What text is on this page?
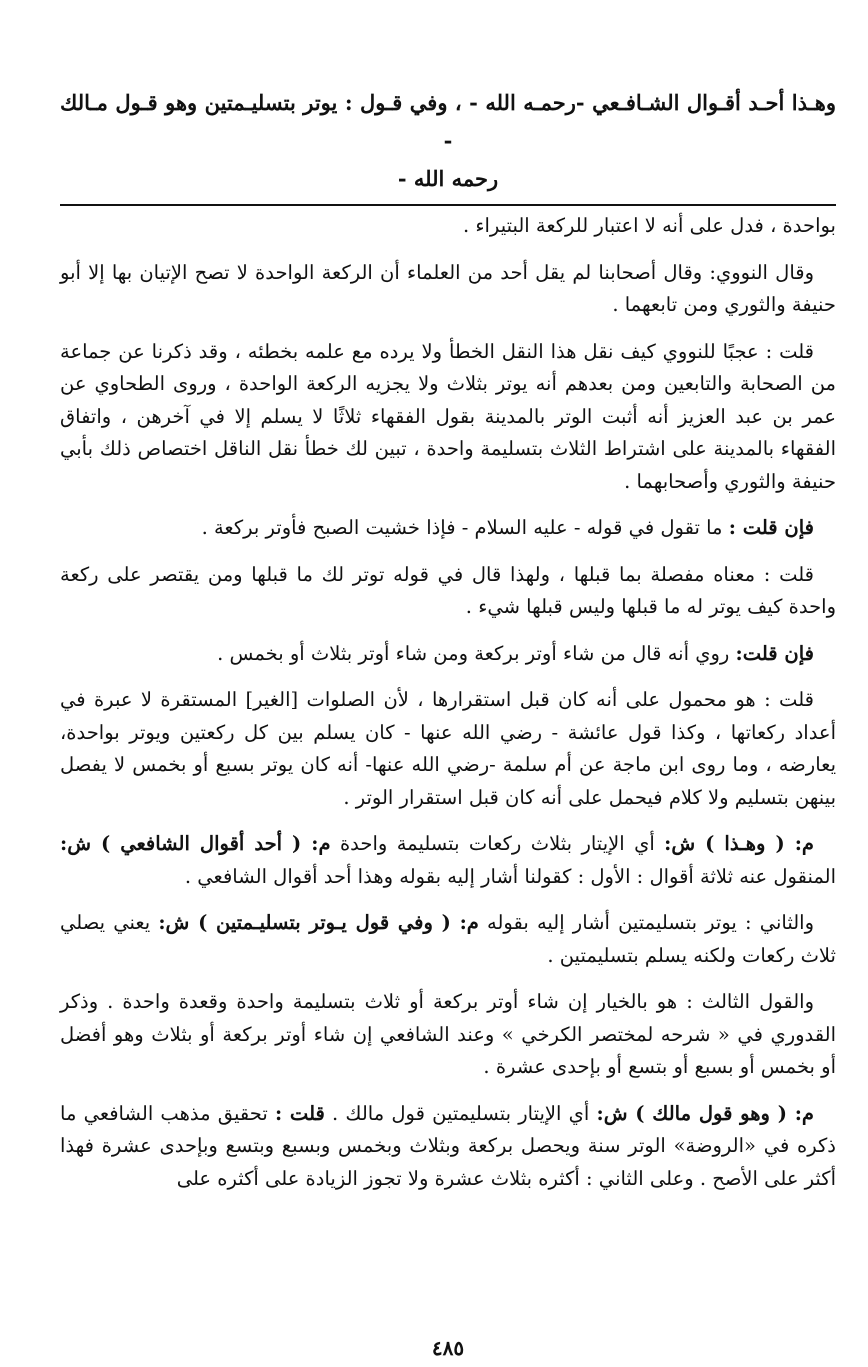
وهـذا أحـد أقـوال الشـافـعي -رحمـه الله - ، وفي قـول : يوتر بتسليـمتين وهو قـول مـالك -
رحمه الله -

بواحدة ، فدل على أنه لا اعتبار للركعة البتيراء .

وقال النووي: وقال أصحابنا لم يقل أحد من العلماء أن الركعة الواحدة لا تصح الإتيان بها إلا أبو حنيفة والثوري ومن تابعهما .

قلت : عجبًا للنووي كيف نقل هذا النقل الخطأ ولا يرده مع علمه بخطئه ، وقد ذكرنا عن جماعة من الصحابة والتابعين ومن بعدهم أنه يوتر بثلاث ولا يجزيه الركعة الواحدة ، وروى الطحاوي عن عمر بن عبد العزيز أنه أثبت الوتر بالمدينة بقول الفقهاء ثلاثًا لا يسلم إلا في آخرهن ، واتفاق الفقهاء بالمدينة على اشتراط الثلاث بتسليمة واحدة ، تبين لك خطأ نقل الناقل اختصاص ذلك بأبي حنيفة والثوري وأصحابهما .

فإن قلت : ما تقول في قوله - عليه السلام - فإذا خشيت الصبح فأوتر بركعة .

قلت : معناه مفصلة بما قبلها ، ولهذا قال في قوله توتر لك ما قبلها ومن يقتصر على ركعة واحدة كيف يوتر له ما قبلها وليس قبلها شيء .

فإن قلت: روي أنه قال من شاء أوتر بركعة ومن شاء أوتر بثلاث أو بخمس .

قلت : هو محمول على أنه كان قبل استقرارها ، لأن الصلوات [الغير] المستقرة لا عبرة في أعداد ركعاتها ، وكذا قول عائشة - رضي الله عنها - كان يسلم بين كل ركعتين ويوتر بواحدة، يعارضه ، وما روى ابن ماجة عن أم سلمة -رضي الله عنها- أنه كان يوتر بسبع أو بخمس لا يفصل بينهن بتسليم ولا كلام فيحمل على أنه كان قبل استقرار الوتر .

م: ( وهـذا ) ش: أي الإيتار بثلاث ركعات بتسليمة واحدة م: ( أحد أقوال الشافعي ) ش: المنقول عنه ثلاثة أقوال : الأول : كقولنا أشار إليه بقوله وهذا أحد أقوال الشافعي .

والثاني : يوتر بتسليمتين أشار إليه بقوله م: ( وفي قول يـوتر بتسليـمتين ) ش: يعني يصلي ثلاث ركعات ولكنه يسلم بتسليمتين .

والقول الثالث : هو بالخيار إن شاء أوتر بركعة أو ثلاث بتسليمة واحدة وقعدة واحدة . وذكر القدوري في « شرحه لمختصر الكرخي » وعند الشافعي إن شاء أوتر بركعة أو بثلاث وهو أفضل أو بخمس أو بسبع أو بتسع أو بإحدى عشرة .

م: ( وهو قول مالك ) ش: أي الإيتار بتسليمتين قول مالك . قلت : تحقيق مذهب الشافعي ما ذكره في «الروضة» الوتر سنة ويحصل بركعة وبثلاث وبخمس وبسبع وبتسع وبإحدى عشرة فهذا أكثر على الأصح . وعلى الثاني : أكثره بثلاث عشرة ولا تجوز الزيادة على أكثره على

٤٨٥
